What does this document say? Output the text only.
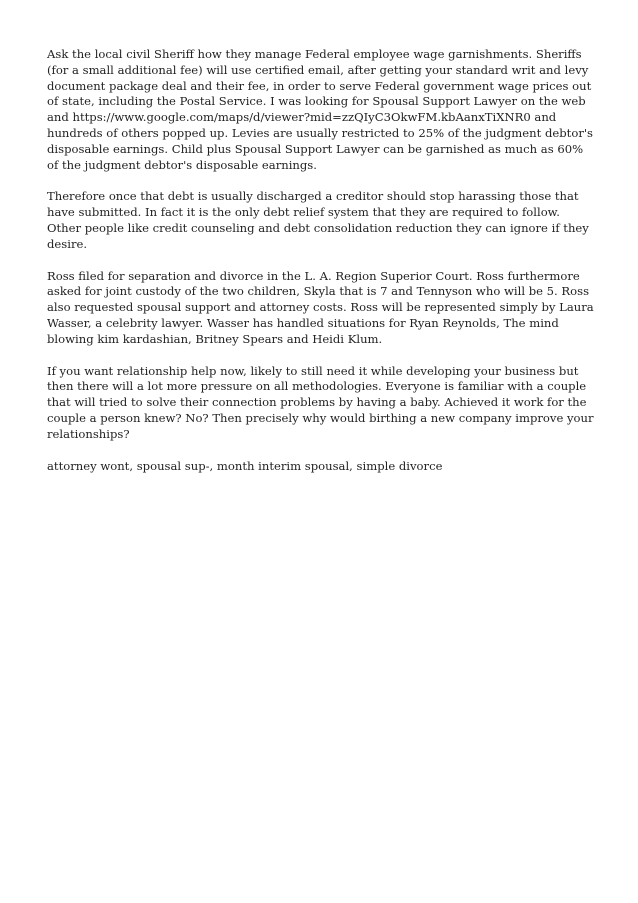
Ask the local civil Sheriff how they manage Federal employee wage garnishments. Sheriffs (for a small additional fee) will use certified email, after getting your standard writ and levy document package deal and their fee, in order to serve Federal government wage prices out of state, including the Postal Service. I was looking for Spousal Support Lawyer on the web and https://www.google.com/maps/d/viewer?mid=zzQIyC3OkwFM.kbAanxTiXNR0 and hundreds of others popped up. Levies are usually restricted to 25% of the judgment debtor's disposable earnings. Child plus Spousal Support Lawyer can be garnished as much as 60% of the judgment debtor's disposable earnings.

Therefore once that debt is usually discharged a creditor should stop harassing those that have submitted. In fact it is the only debt relief system that they are required to follow. Other people like credit counseling and debt consolidation reduction they can ignore if they desire.

Ross filed for separation and divorce in the L. A. Region Superior Court. Ross furthermore asked for joint custody of the two children, Skyla that is 7 and Tennyson who will be 5. Ross also requested spousal support and attorney costs. Ross will be represented simply by Laura Wasser, a celebrity lawyer. Wasser has handled situations for Ryan Reynolds, The mind blowing kim kardashian, Britney Spears and Heidi Klum.

If you want relationship help now, likely to still need it while developing your business but then there will a lot more pressure on all methodologies. Everyone is familiar with a couple that will tried to solve their connection problems by having a baby. Achieved it work for the couple a person knew? No? Then precisely why would birthing a new company improve your relationships?

attorney wont, spousal sup-, month interim spousal, simple divorce
